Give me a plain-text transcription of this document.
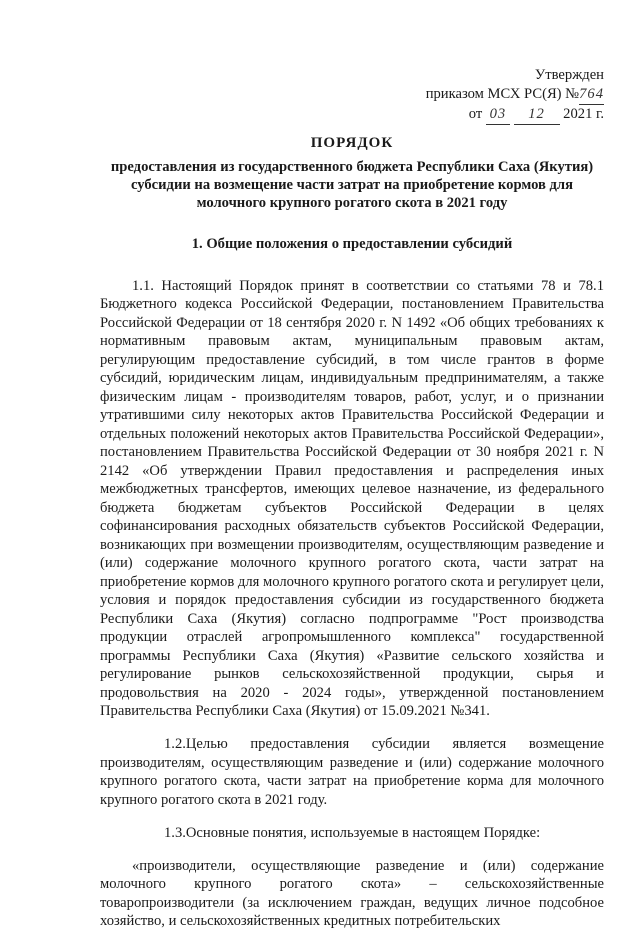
Утвержден
приказом МСХ РС(Я) №764
от 03 12 2021 г.
ПОРЯДОК
предоставления из государственного бюджета Республики Саха (Якутия)
субсидии на возмещение части затрат на приобретение кормов для
молочного крупного рогатого скота в 2021 году
1. Общие положения о предоставлении субсидий

1.1. Настоящий Порядок принят в соответствии со статьями 78 и 78.1 Бюджетного кодекса Российской Федерации, постановлением Правительства Российской Федерации от 18 сентября 2020 г. N 1492 «Об общих требованиях к нормативным правовым актам, муниципальным правовым актам, регулирующим предоставление субсидий, в том числе грантов в форме субсидий, юридическим лицам, индивидуальным предпринимателям, а также физическим лицам - производителям товаров, работ, услуг, и о признании утратившими силу некоторых актов Правительства Российской Федерации и отдельных положений некоторых актов Правительства Российской Федерации», постановлением Правительства Российской Федерации от 30 ноября 2021 г. N 2142 «Об утверждении Правил предоставления и распределения иных межбюджетных трансфертов, имеющих целевое назначение, из федерального бюджета бюджетам субъектов Российской Федерации в целях софинансирования расходных обязательств субъектов Российской Федерации, возникающих при возмещении производителям, осуществляющим разведение и (или) содержание молочного крупного рогатого скота, части затрат на приобретение кормов для молочного крупного рогатого скота и регулирует цели, условия и порядок предоставления субсидии из государственного бюджета Республики Саха (Якутия) согласно подпрограмме "Рост производства продукции отраслей агропромышленного комплекса" государственной программы Республики Саха (Якутия) «Развитие сельского хозяйства и регулирование рынков сельскохозяйственной продукции, сырья и продовольствия на 2020 - 2024 годы», утвержденной постановлением Правительства Республики Саха (Якутия) от 15.09.2021 №341.

1.2.Целью предоставления субсидии является возмещение производителям, осуществляющим разведение и (или) содержание молочного крупного рогатого скота, части затрат на приобретение корма для молочного крупного рогатого скота в 2021 году.

1.3.Основные понятия, используемые в настоящем Порядке:

«производители, осуществляющие разведение и (или) содержание молочного крупного рогатого скота» – сельскохозяйственные товаропроизводители (за исключением граждан, ведущих личное подсобное хозяйство, и сельскохозяйственных кредитных потребительских
